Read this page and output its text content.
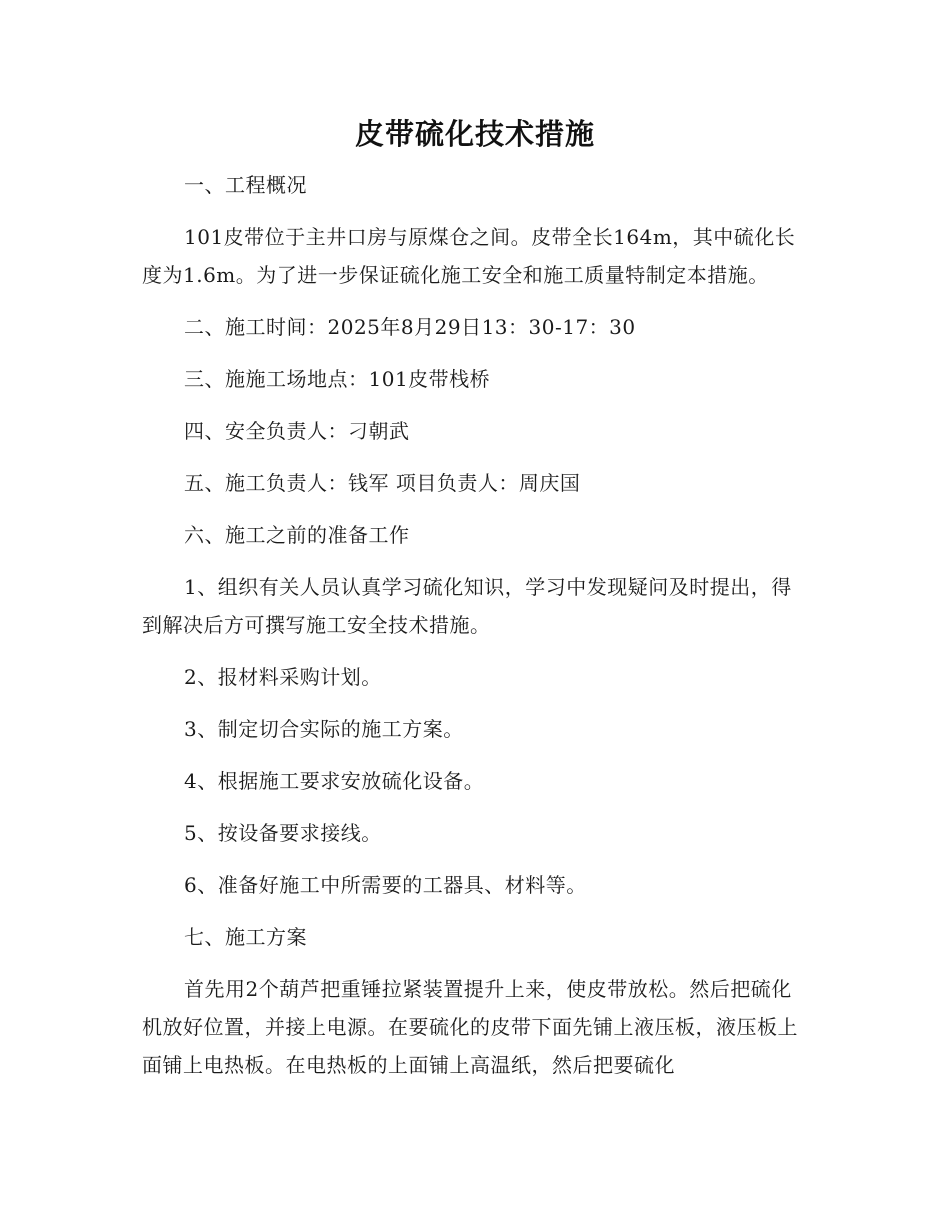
皮带硫化技术措施

一、工程概况

101皮带位于主井口房与原煤仓之间。皮带全长164m，其中硫化长度为1.6m。为了进一步保证硫化施工安全和施工质量特制定本措施。

二、施工时间：2025年8月29日13：30-17：30

三、施施工场地点：101皮带栈桥

四、安全负责人：刁朝武

五、施工负责人：钱军 项目负责人：周庆国

六、施工之前的准备工作

1、组织有关人员认真学习硫化知识，学习中发现疑问及时提出，得到解决后方可撰写施工安全技术措施。

2、报材料采购计划。

3、制定切合实际的施工方案。

4、根据施工要求安放硫化设备。

5、按设备要求接线。

6、准备好施工中所需要的工器具、材料等。

七、施工方案

首先用2个葫芦把重锤拉紧装置提升上来，使皮带放松。然后把硫化机放好位置，并接上电源。在要硫化的皮带下面先铺上液压板，液压板上面铺上电热板。在电热板的上面铺上高温纸，然后把要硫化
